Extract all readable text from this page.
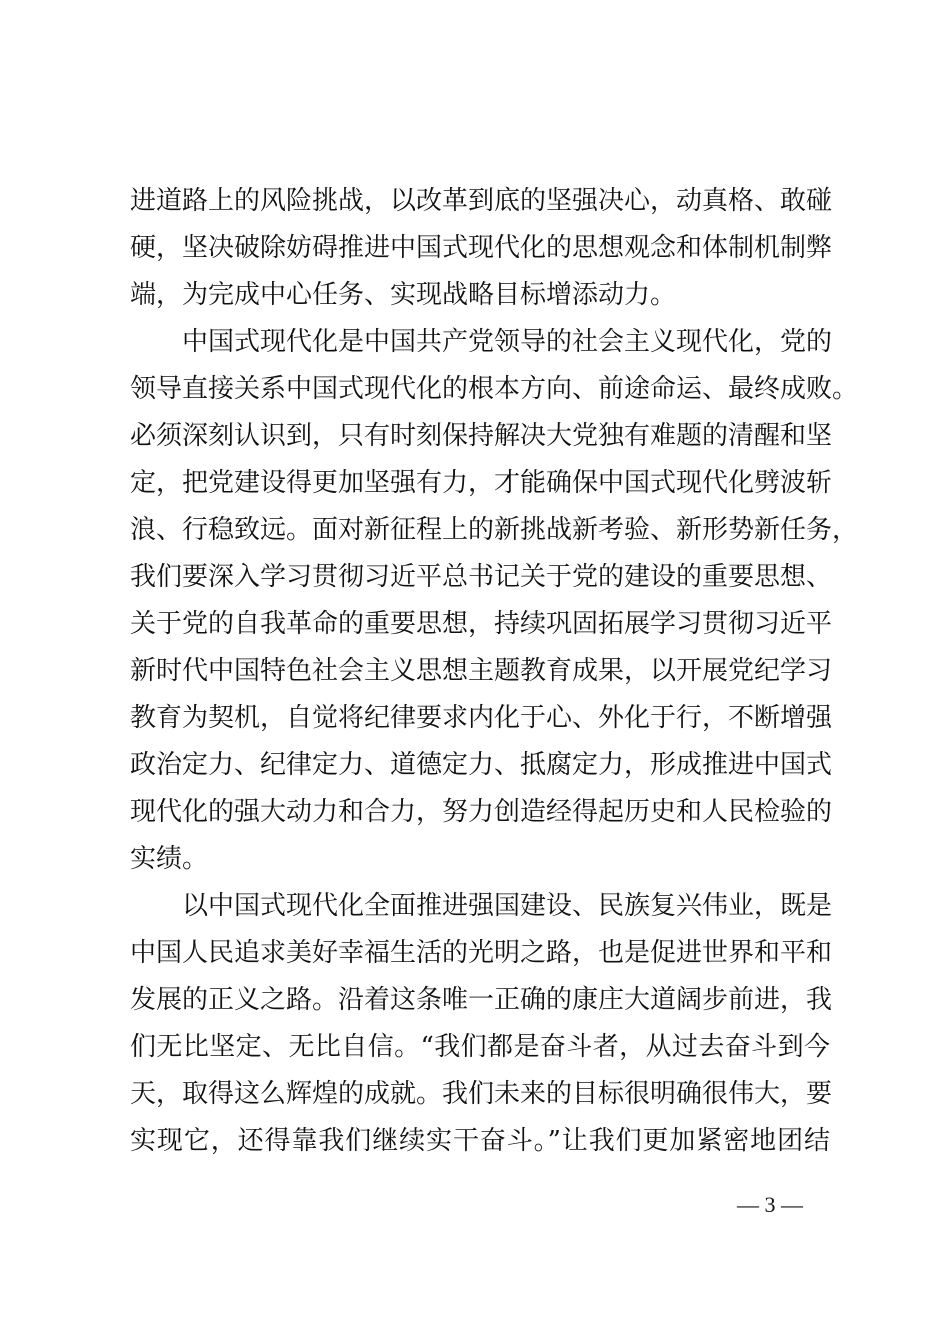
进道路上的风险挑战，以改革到底的坚强决心，动真格、敢碰
硬，坚决破除妨碍推进中国式现代化的思想观念和体制机制弊
端，为完成中心任务、实现战略目标增添动力。
中国式现代化是中国共产党领导的社会主义现代化，党的
领导直接关系中国式现代化的根本方向、前途命运、最终成败。
必须深刻认识到，只有时刻保持解决大党独有难题的清醒和坚
定，把党建设得更加坚强有力，才能确保中国式现代化劈波斩
浪、行稳致远。面对新征程上的新挑战新考验、新形势新任务，
我们要深入学习贯彻习近平总书记关于党的建设的重要思想、
关于党的自我革命的重要思想，持续巩固拓展学习贯彻习近平
新时代中国特色社会主义思想主题教育成果，以开展党纪学习
教育为契机，自觉将纪律要求内化于心、外化于行，不断增强
政治定力、纪律定力、道德定力、抵腐定力，形成推进中国式
现代化的强大动力和合力，努力创造经得起历史和人民检验的
实绩。
以中国式现代化全面推进强国建设、民族复兴伟业，既是
中国人民追求美好幸福生活的光明之路，也是促进世界和平和
发展的正义之路。沿着这条唯一正确的康庄大道阔步前进，我
们无比坚定、无比自信。“我们都是奋斗者，从过去奋斗到今
天，取得这么辉煌的成就。我们未来的目标很明确很伟大，要
实现它，还得靠我们继续实干奋斗。”让我们更加紧密地团结
— 3 —
